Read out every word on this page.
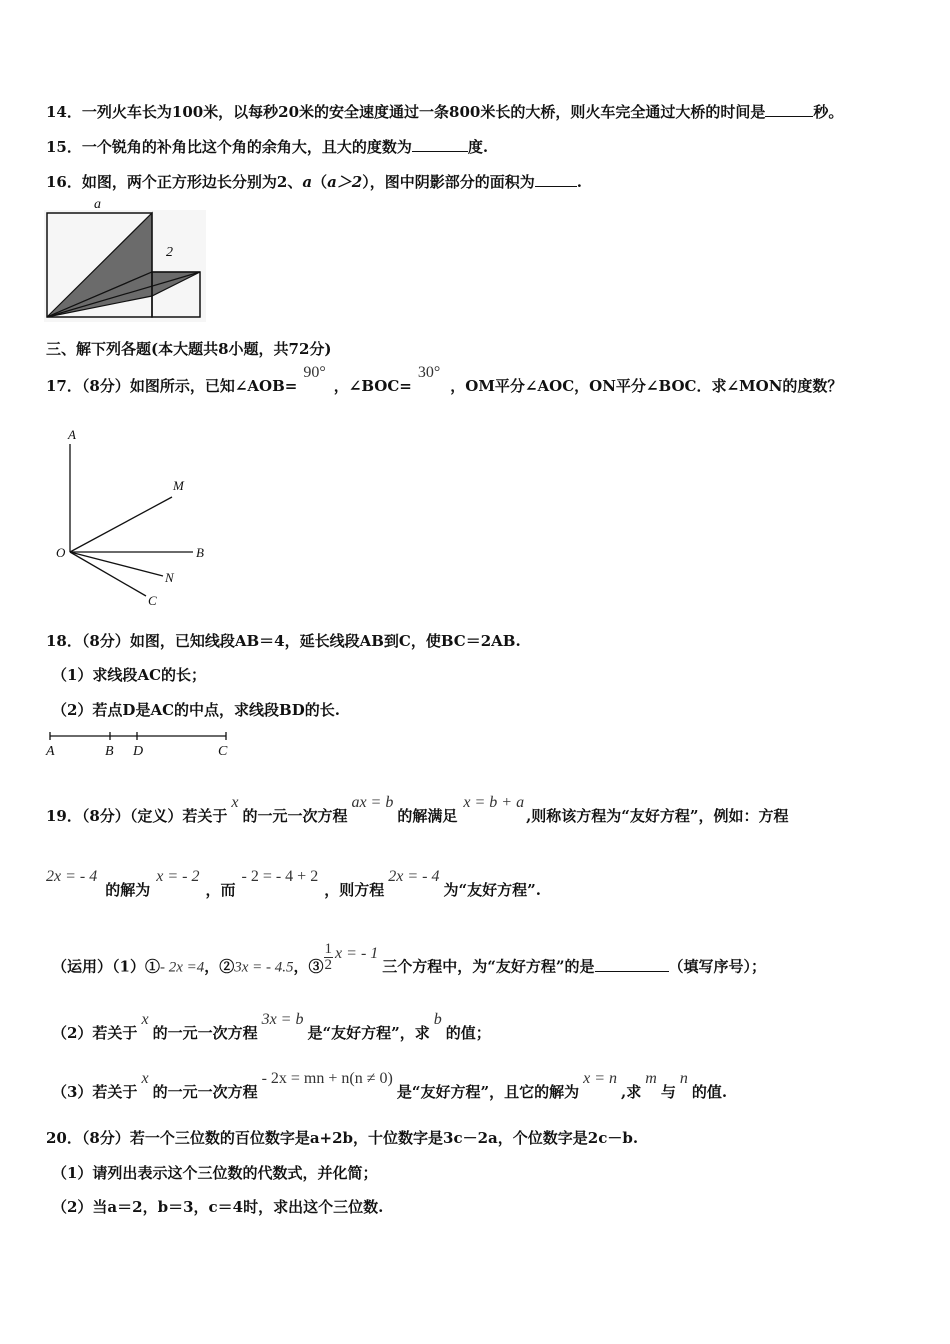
14．一列火车长为100米，以每秒20米的安全速度通过一条800米长的大桥，则火车完全通过大桥的时间是	秒。
15．一个锐角的补角比这个角的余角大，且大的度数为	度.
16．如图，两个正方形边长分别为2、a（a＞2），图中阴影部分的面积为	.
a
2
三、解下列各题(本大题共8小题，共72分)
17．（8分）如图所示，已知∠AOB=90°，∠BOC=30°，OM平分∠AOC，ON平分∠BOC．求∠MON的度数？
A
M
O	B
N
C
18．（8分）如图，已知线段AB＝4，延长线段AB到C，使BC＝2AB.
（1）求线段AC的长；
（2）若点D是AC的中点，求线段BD的长.
A	B D	C
19．（8分）（定义）若关于x的一元一次方程ax = b的解满足x = b + a,则称该方程为“友好方程”，例如：方程
2x = - 4的解为x = - 2，而- 2 = - 4 + 2，则方程2x = - 4为“友好方程”.
（运用）（1）①- 2x =4，②3x = - 4.5，③ $\frac{1}{2}$ x = - 1三个方程中，为“友好方程”的是	（填写序号）；
（2）若关于x的一元一次方程3x = b是“友好方程”，求b的值；
（3）若关于x的一元一次方程- 2x = mn + n(n ≠ 0)是“友好方程”，且它的解为x = n,求m与n的值.
20．（8分）若一个三位数的百位数字是a+2b，十位数字是3c－2a，个位数字是2c－b.
（1）请列出表示这个三位数的代数式，并化简；
（2）当a＝2，b＝3，c＝4时，求出这个三位数.
